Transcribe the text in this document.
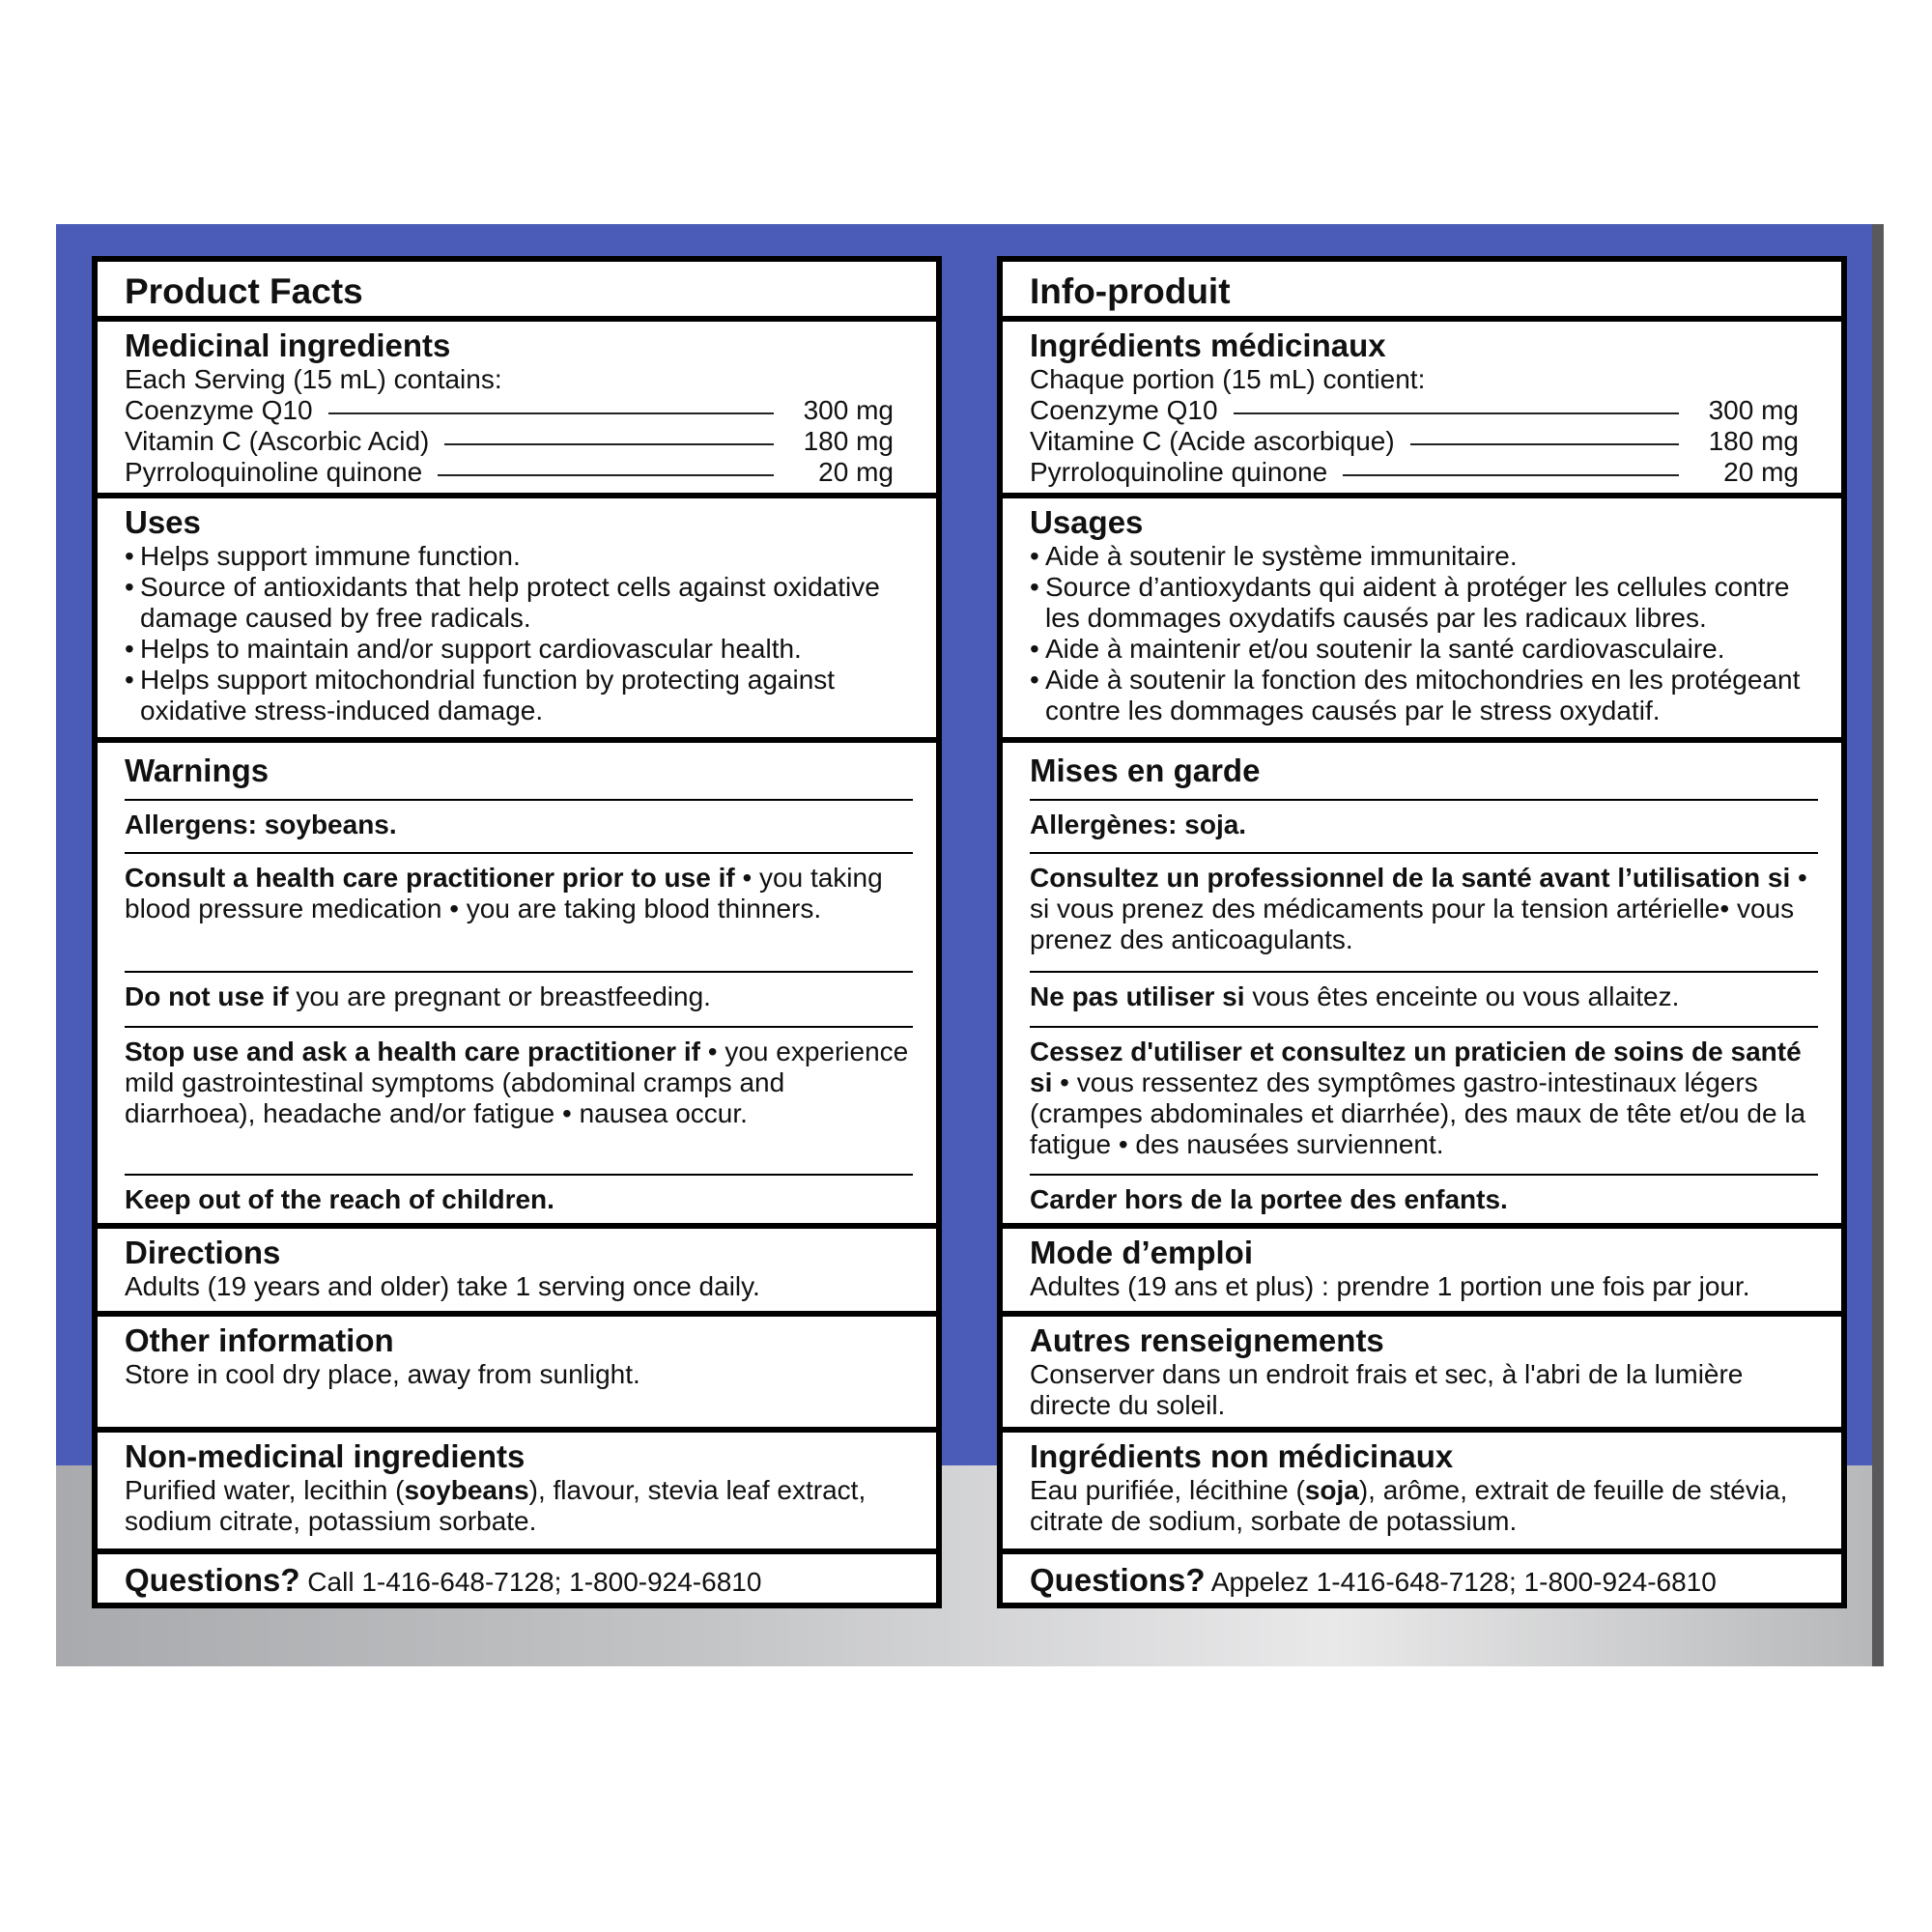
Product Facts
Medicinal ingredients
Each Serving (15 mL) contains:
Coenzyme Q10	300 mg
Vitamin C (Ascorbic Acid)	180 mg
Pyrroloquinoline quinone	20 mg
Uses
• Helps support immune function.
• Source of antioxidants that help protect cells against oxidative damage caused by free radicals.
• Helps to maintain and/or support cardiovascular health.
• Helps support mitochondrial function by protecting against oxidative stress-induced damage.
Warnings
Allergens: soybeans.
Consult a health care practitioner prior to use if • you taking blood pressure medication • you are taking blood thinners.
Do not use if you are pregnant or breastfeeding.
Stop use and ask a health care practitioner if • you experience mild gastrointestinal symptoms (abdominal cramps and diarrhoea), headache and/or fatigue • nausea occur.
Keep out of the reach of children.
Directions
Adults (19 years and older) take 1 serving once daily.
Other information
Store in cool dry place, away from sunlight.
Non-medicinal ingredients
Purified water, lecithin (soybeans), flavour, stevia leaf extract, sodium citrate, potassium sorbate.
Questions? Call 1-416-648-7128; 1-800-924-6810
Info-produit
Ingrédients médicinaux
Chaque portion (15 mL) contient:
Coenzyme Q10	300 mg
Vitamine C (Acide ascorbique)	180 mg
Pyrroloquinoline quinone	20 mg
Usages
• Aide à soutenir le système immunitaire.
• Source d’antioxydants qui aident à protéger les cellules contre les dommages oxydatifs causés par les radicaux libres.
• Aide à maintenir et/ou soutenir la santé cardiovasculaire.
• Aide à soutenir la fonction des mitochondries en les protégeant contre les dommages causés par le stress oxydatif.
Mises en garde
Allergènes: soja.
Consultez un professionnel de la santé avant l’utilisation si • si vous prenez des médicaments pour la tension artérielle• vous prenez des anticoagulants.
Ne pas utiliser si vous êtes enceinte ou vous allaitez.
Cessez d'utiliser et consultez un praticien de soins de santé si • vous ressentez des symptômes gastro-intestinaux légers (crampes abdominales et diarrhée), des maux de tête et/ou de la fatigue • des nausées surviennent.
Carder hors de la portee des enfants.
Mode d’emploi
Adultes (19 ans et plus) : prendre 1 portion une fois par jour.
Autres renseignements
Conserver dans un endroit frais et sec, à l'abri de la lumière directe du soleil.
Ingrédients non médicinaux
Eau purifiée, lécithine (soja), arôme, extrait de feuille de stévia, citrate de sodium, sorbate de potassium.
Questions? Appelez 1-416-648-7128; 1-800-924-6810
